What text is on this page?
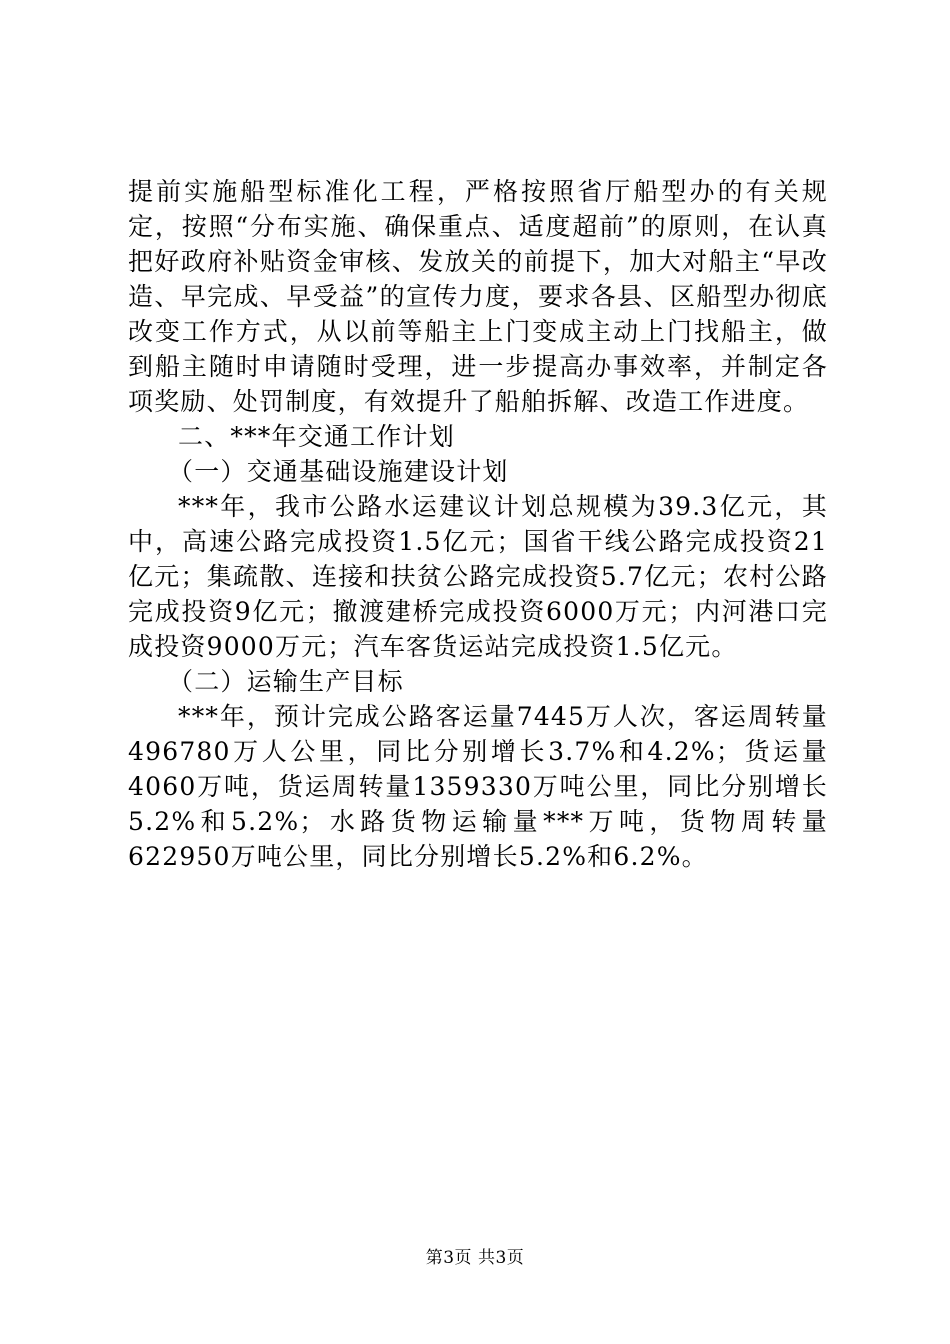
提前实施船型标准化工程，严格按照省厅船型办的有关规定，按照“分布实施、确保重点、适度超前”的原则，在认真把好政府补贴资金审核、发放关的前提下，加大对船主“早改造、早完成、早受益”的宣传力度，要求各县、区船型办彻底改变工作方式，从以前等船主上门变成主动上门找船主，做到船主随时申请随时受理，进一步提高办事效率，并制定各项奖励、处罚制度，有效提升了船舶拆解、改造工作进度。

二、***年交通工作计划

（一）交通基础设施建设计划

***年，我市公路水运建议计划总规模为39.3亿元，其中，高速公路完成投资1.5亿元；国省干线公路完成投资21亿元；集疏散、连接和扶贫公路完成投资5.7亿元；农村公路完成投资9亿元；撤渡建桥完成投资6000万元；内河港口完成投资9000万元；汽车客货运站完成投资1.5亿元。

（二）运输生产目标

***年，预计完成公路客运量7445万人次，客运周转量496780万人公里，同比分别增长3.7%和4.2%；货运量4060万吨，货运周转量1359330万吨公里，同比分别增长5.2%和5.2%；水路货物运输量***万吨，货物周转量622950万吨公里，同比分别增长5.2%和6.2%。

第3页 共3页
